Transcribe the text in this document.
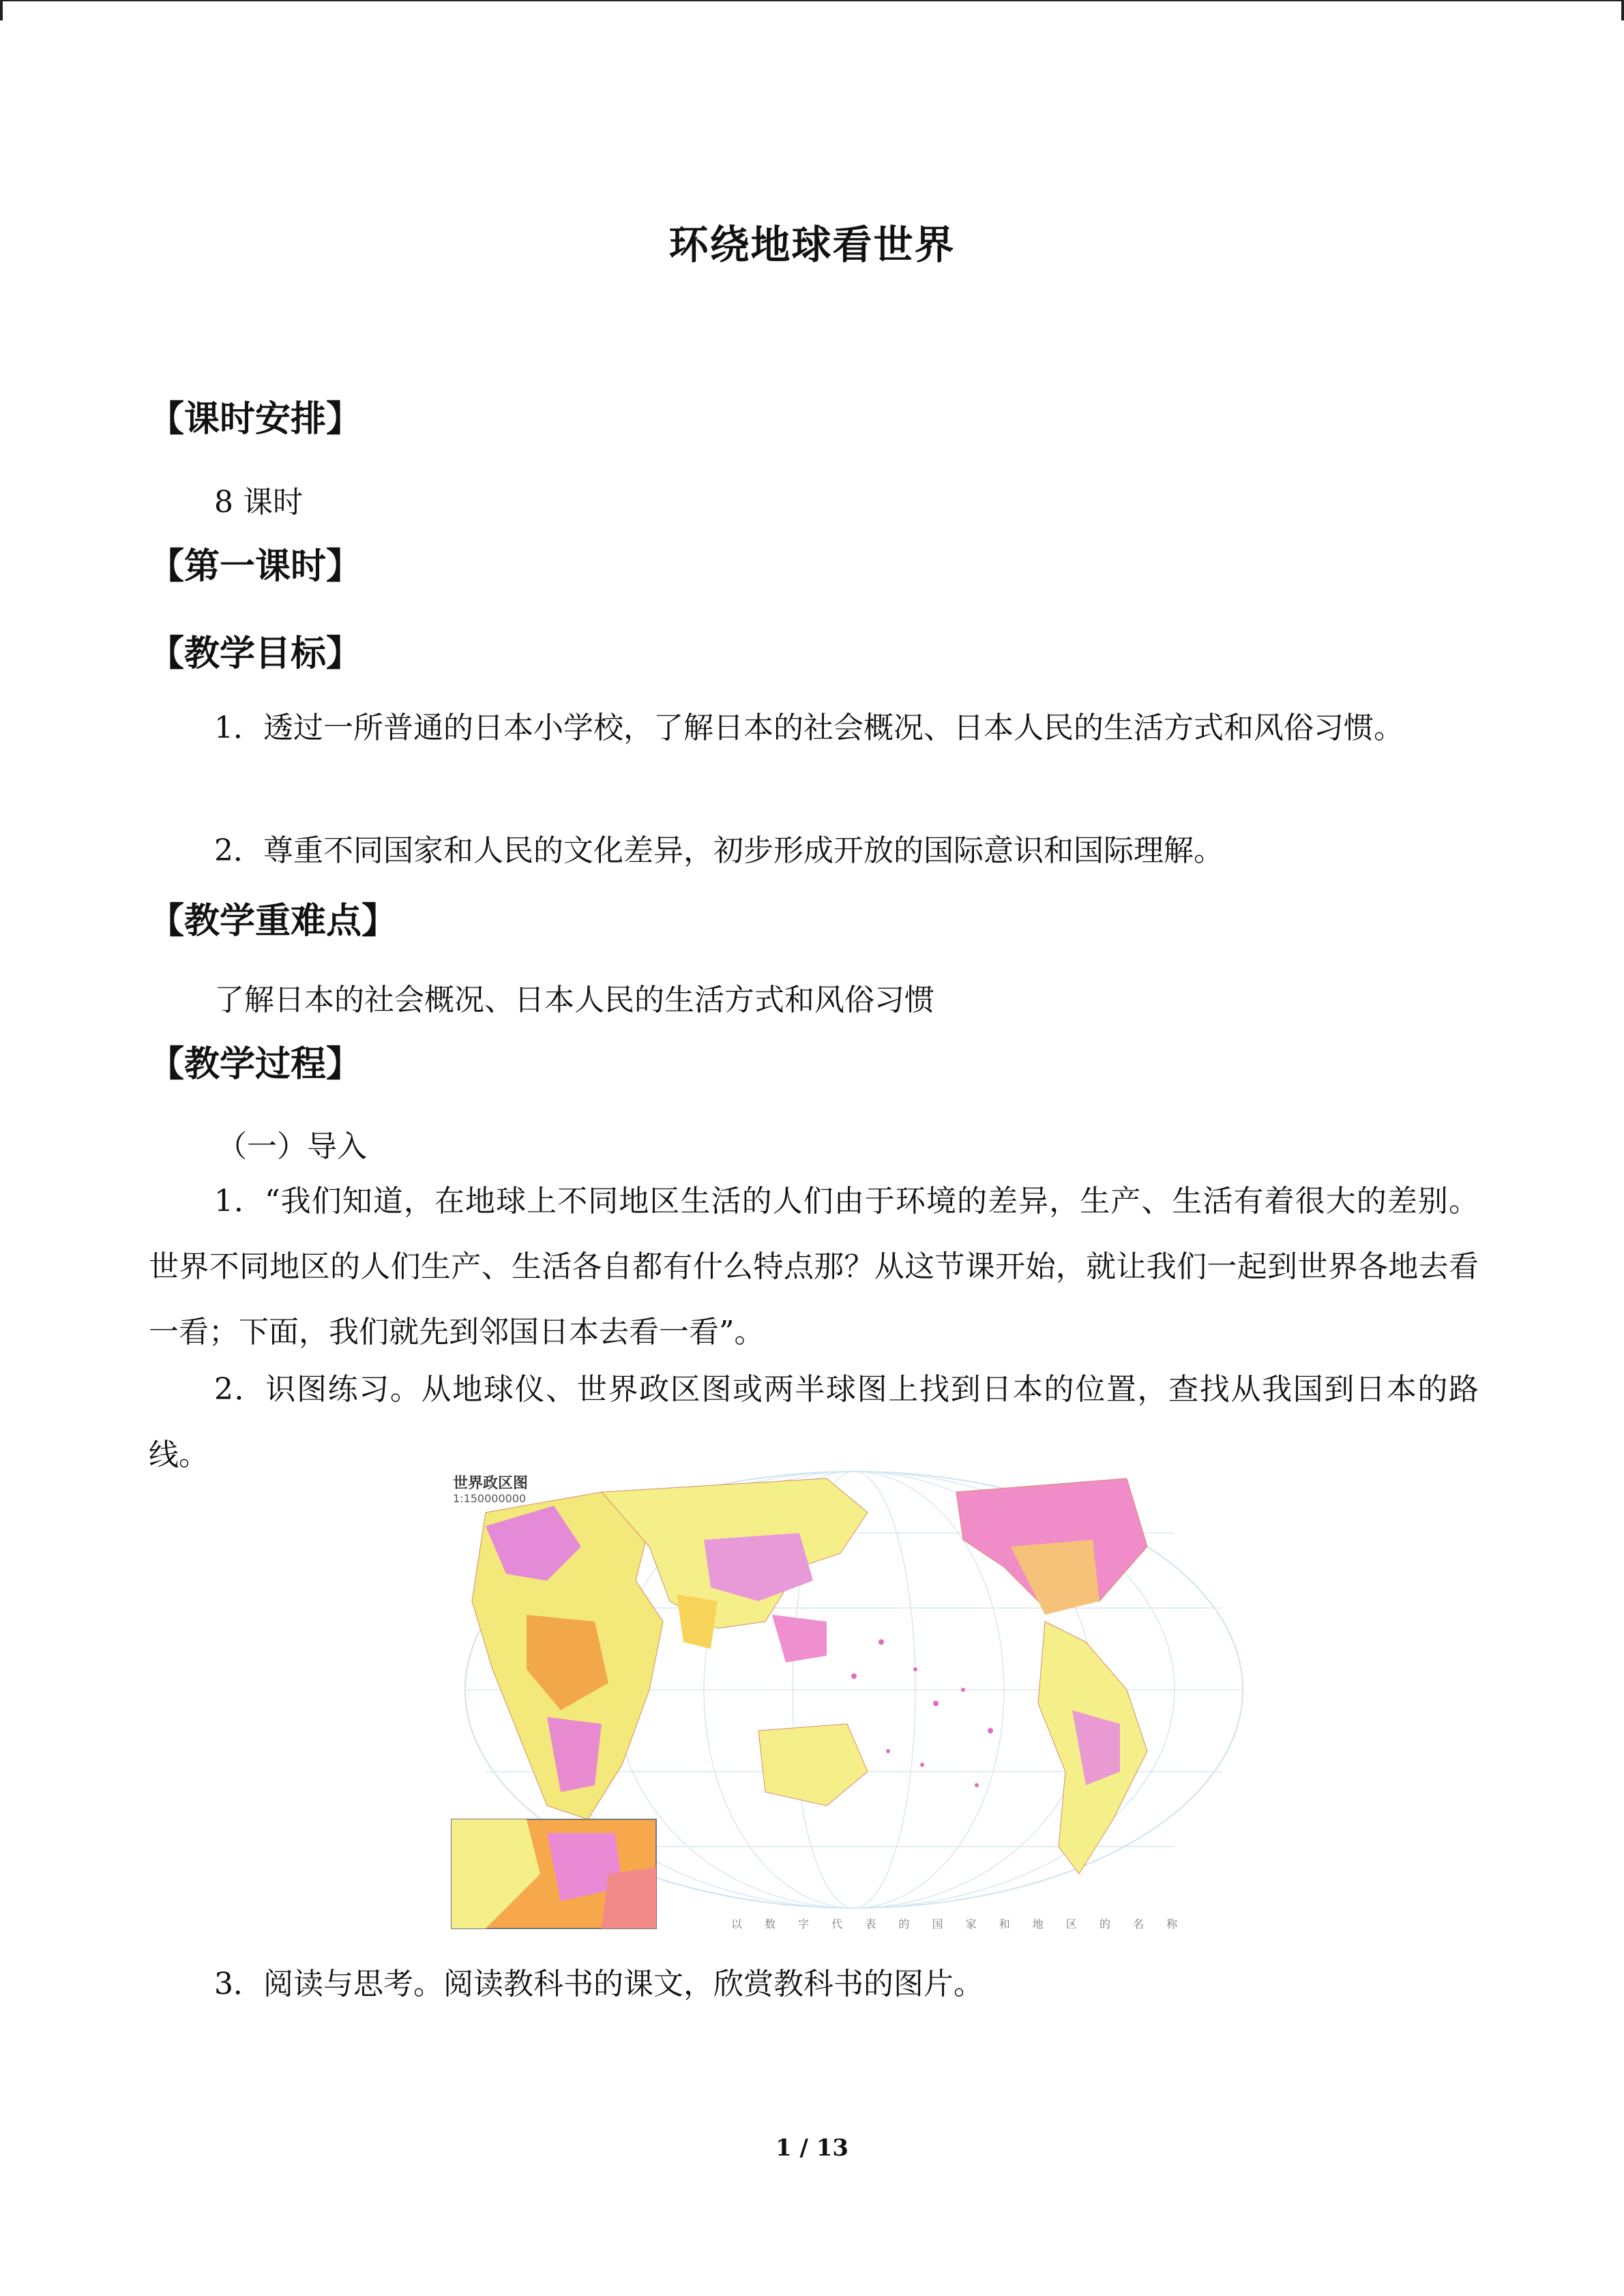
环绕地球看世界
【课时安排】
8 课时
【第一课时】
【教学目标】
1．透过一所普通的日本小学校，了解日本的社会概况、日本人民的生活方式和风俗习惯。
2．尊重不同国家和人民的文化差异，初步形成开放的国际意识和国际理解。
【教学重难点】
了解日本的社会概况、日本人民的生活方式和风俗习惯
【教学过程】
（一）导入
1．“我们知道，在地球上不同地区生活的人们由于环境的差异，生产、生活有着很大的差别。世界不同地区的人们生产、生活各自都有什么特点那？从这节课开始，就让我们一起到世界各地去看一看；下面，我们就先到邻国日本去看一看”。
2．识图练习。从地球仪、世界政区图或两半球图上找到日本的位置，查找从我国到日本的路线。
世界政区图
1:150000000
以 数 字 代 表 的 国 家 和 地 区 的 名 称
3．阅读与思考。阅读教科书的课文，欣赏教科书的图片。
1 / 13
